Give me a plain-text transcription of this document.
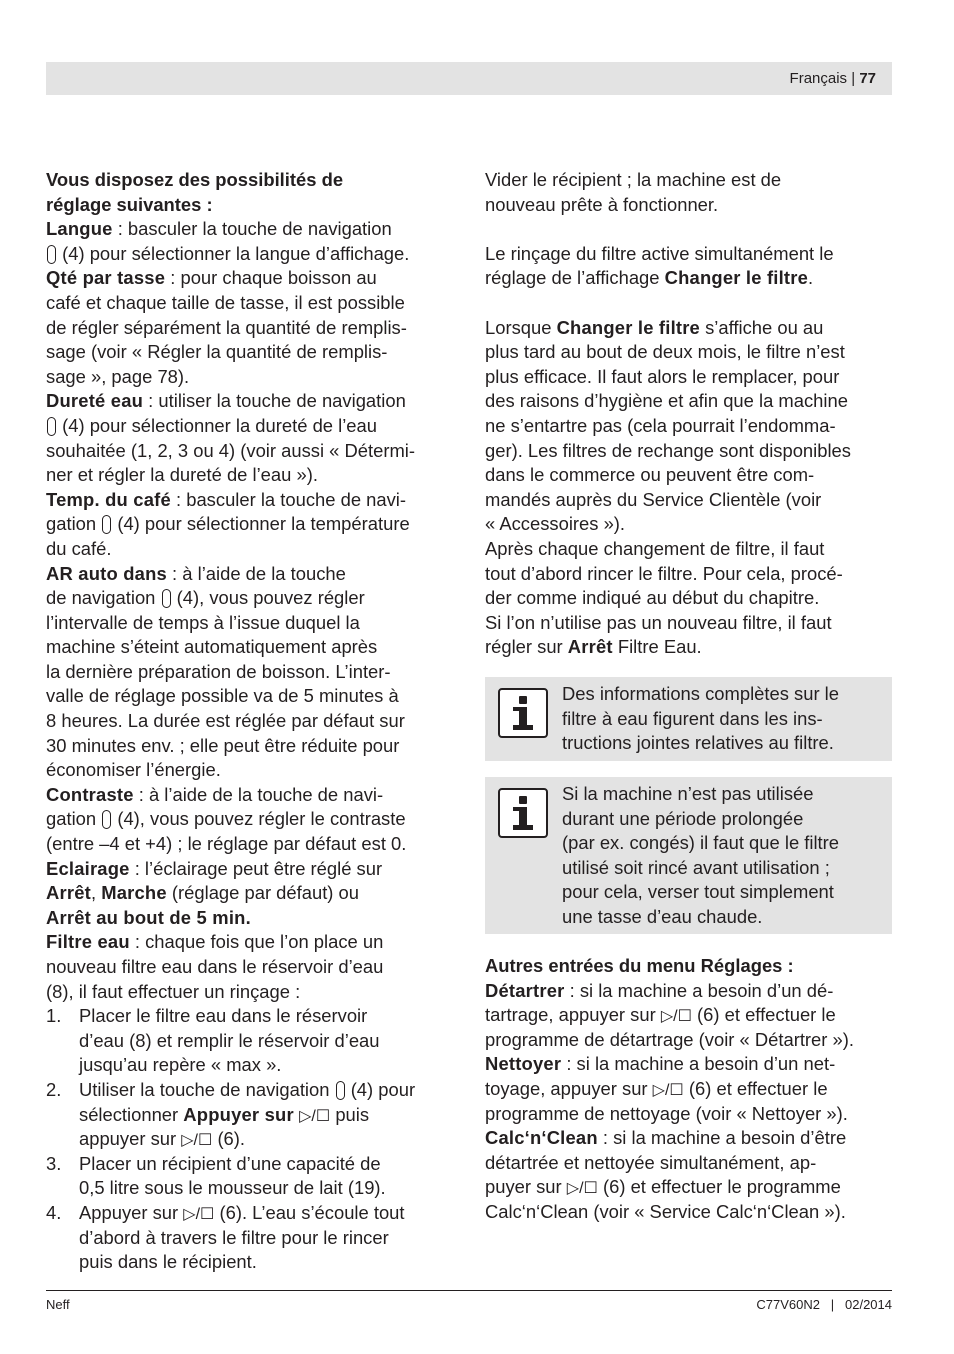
Français | 77
Vous disposez des possibilités de
réglage suivantes :
Langue : basculer la touche de navigation
(4) pour sélectionner la langue d’affichage.
Qté par tasse : pour chaque boisson au
café et chaque taille de tasse, il est possible
de régler séparément la quantité de remplis-
sage (voir « Régler la quantité de remplis-
sage », page 78).
Dureté eau : utiliser la touche de navigation
(4) pour sélectionner la dureté de l’eau
souhaitée (1, 2, 3 ou 4) (voir aussi « Détermi-
ner et régler la dureté de l’eau »).
Temp. du café : basculer la touche de navi-
gation  (4) pour sélectionner la température
du café.
AR auto dans : à l’aide de la touche
de navigation  (4), vous pouvez régler
l’intervalle de temps à l’issue duquel la
machine s’éteint automatiquement après
la dernière préparation de boisson. L’inter-
valle de réglage possible va de 5 minutes à
8 heures. La durée est réglée par défaut sur
30 minutes env. ; elle peut être réduite pour
économiser l’énergie.
Contraste : à l’aide de la touche de navi-
gation  (4), vous pouvez régler le contraste
(entre –4 et +4) ; le réglage par défaut est 0.
Eclairage : l’éclairage peut être réglé sur
Arrêt, Marche (réglage par défaut) ou
Arrêt au bout de 5 min.
Filtre eau : chaque fois que l’on place un
nouveau filtre eau dans le réservoir d’eau
(8), il faut effectuer un rinçage :
1. Placer le filtre eau dans le réservoir
d’eau (8) et remplir le réservoir d’eau
jusqu’au repère « max ».
2. Utiliser la touche de navigation  (4) pour
sélectionner Appuyer sur ▷/☐ puis
appuyer sur ▷/☐ (6).
3. Placer un récipient d’une capacité de
0,5 litre sous le mousseur de lait (19).
4. Appuyer sur ▷/☐ (6). L’eau s’écoule tout
d’abord à travers le filtre pour le rincer
puis dans le récipient.
Vider le récipient ; la machine est de
nouveau prête à fonctionner.
Le rinçage du filtre active simultanément le
réglage de l’affichage Changer le filtre.
Lorsque Changer le filtre s’affiche ou au
plus tard au bout de deux mois, le filtre n’est
plus efficace. Il faut alors le remplacer, pour
des raisons d’hygiène et afin que la machine
ne s’entartre pas (cela pourrait l’endomma-
ger). Les filtres de rechange sont disponibles
dans le commerce ou peuvent être com-
mandés auprès du Service Clientèle (voir
« Accessoires »).
Après chaque changement de filtre, il faut
tout d’abord rincer le filtre. Pour cela, procé-
der comme indiqué au début du chapitre.
Si l’on n’utilise pas un nouveau filtre, il faut
régler sur Arrêt Filtre Eau.
Des informations complètes sur le
filtre à eau figurent dans les ins-
tructions jointes relatives au filtre.
Si la machine n’est pas utilisée
durant une période prolongée
(par ex. congés) il faut que le filtre
utilisé soit rincé avant utilisation ;
pour cela, verser tout simplement
une tasse d’eau chaude.
Autres entrées du menu Réglages :
Détartrer : si la machine a besoin d’un dé-
tartrage, appuyer sur ▷/☐ (6) et effectuer le
programme de détartrage (voir « Détartrer »).
Nettoyer : si la machine a besoin d’un net-
toyage, appuyer sur ▷/☐ (6) et effectuer le
programme de nettoyage (voir « Nettoyer »).
Calc‘n‘Clean : si la machine a besoin d’être
détartrée et nettoyée simultanément, ap-
puyer sur ▷/☐ (6) et effectuer le programme
Calc‘n‘Clean (voir « Service Calc‘n‘Clean »).
Neff	C77V60N2   |   02/2014
